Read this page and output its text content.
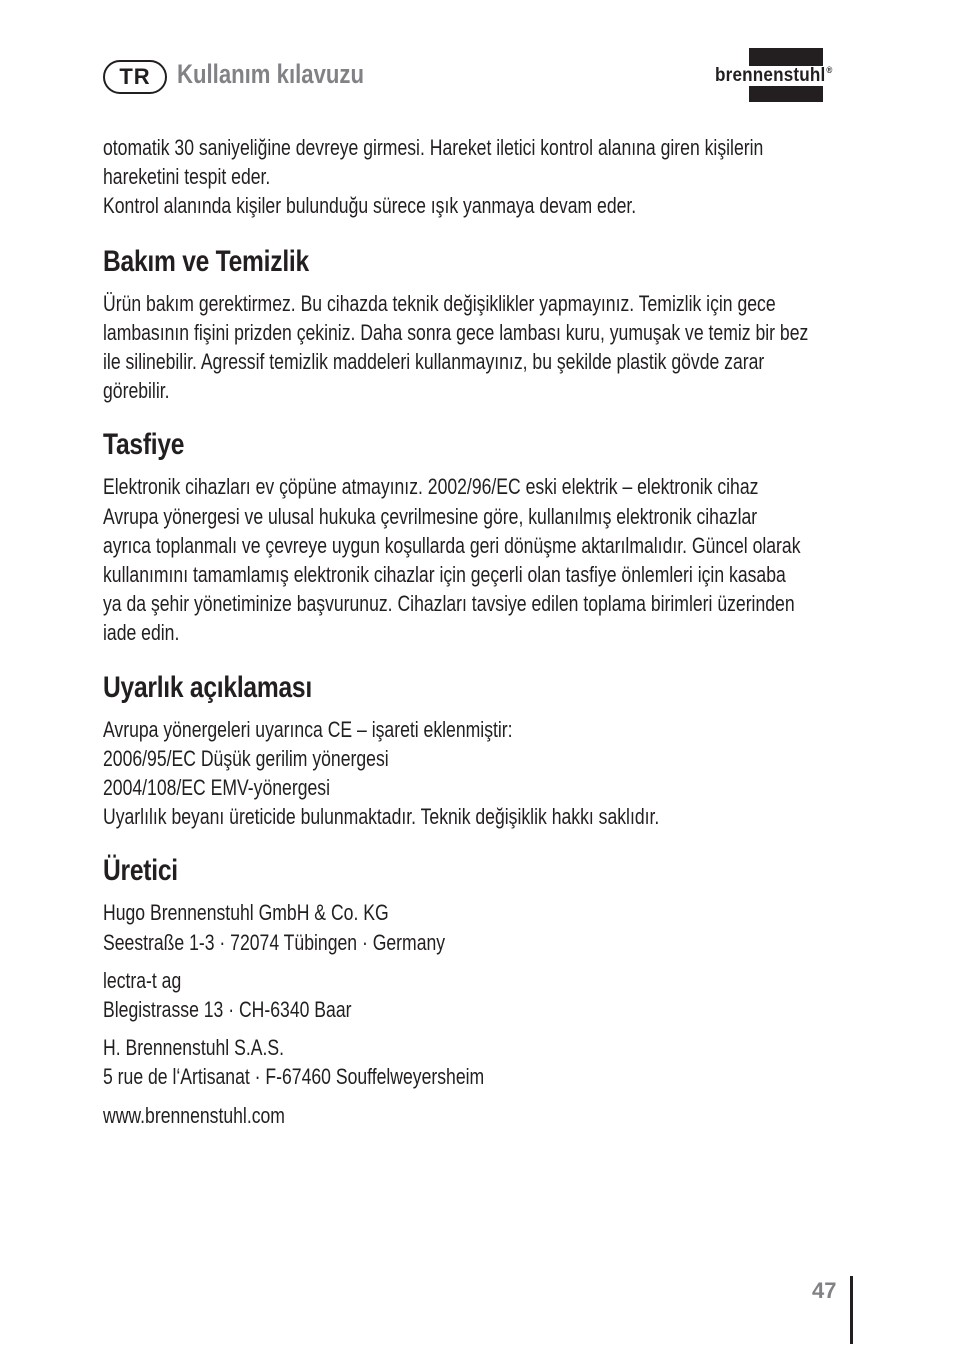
TR Kullanım kılavuzu	brennenstuhl®

otomatik 30 saniyeliğine devreye girmesi. Hareket iletici kontrol alanına giren kişilerin
hareketini tespit eder.
Kontrol alanında kişiler bulunduğu sürece ışık yanmaya devam eder.

Bakım ve Temizlik

Ürün bakım gerektirmez. Bu cihazda teknik değişiklikler yapmayınız. Temizlik için gece
lambasının fişini prizden çekiniz. Daha sonra gece lambası kuru, yumuşak ve temiz bir bez
ile silinebilir. Agressif temizlik maddeleri kullanmayınız, bu şekilde plastik gövde zarar
görebilir.

Tasfiye

Elektronik cihazları ev çöpüne atmayınız. 2002/96/EC eski elektrik – elektronik cihaz
Avrupa yönergesi ve ulusal hukuka çevrilmesine göre, kullanılmış elektronik cihazlar
ayrıca toplanmalı ve çevreye uygun koşullarda geri dönüşme aktarılmalıdır. Güncel olarak
kullanımını tamamlamış elektronik cihazlar için geçerli olan tasfiye önlemleri için kasaba
ya da şehir yönetiminize başvurunuz. Cihazları tavsiye edilen toplama birimleri üzerinden
iade edin.

Uyarlık açıklaması

Avrupa yönergeleri uyarınca CE – işareti eklenmiştir:
2006/95/EC Düşük gerilim yönergesi
2004/108/EC EMV-yönergesi
Uyarlılık beyanı üreticide bulunmaktadır. Teknik değişiklik hakkı saklıdır.

Üretici

Hugo Brennenstuhl GmbH & Co. KG
Seestraße 1-3 · 72074 Tübingen · Germany

lectra-t ag
Blegistrasse 13 · CH-6340 Baar

H. Brennenstuhl S.A.S.
5 rue de l‘Artisanat · F-67460 Souffelweyersheim

www.brennenstuhl.com

47
